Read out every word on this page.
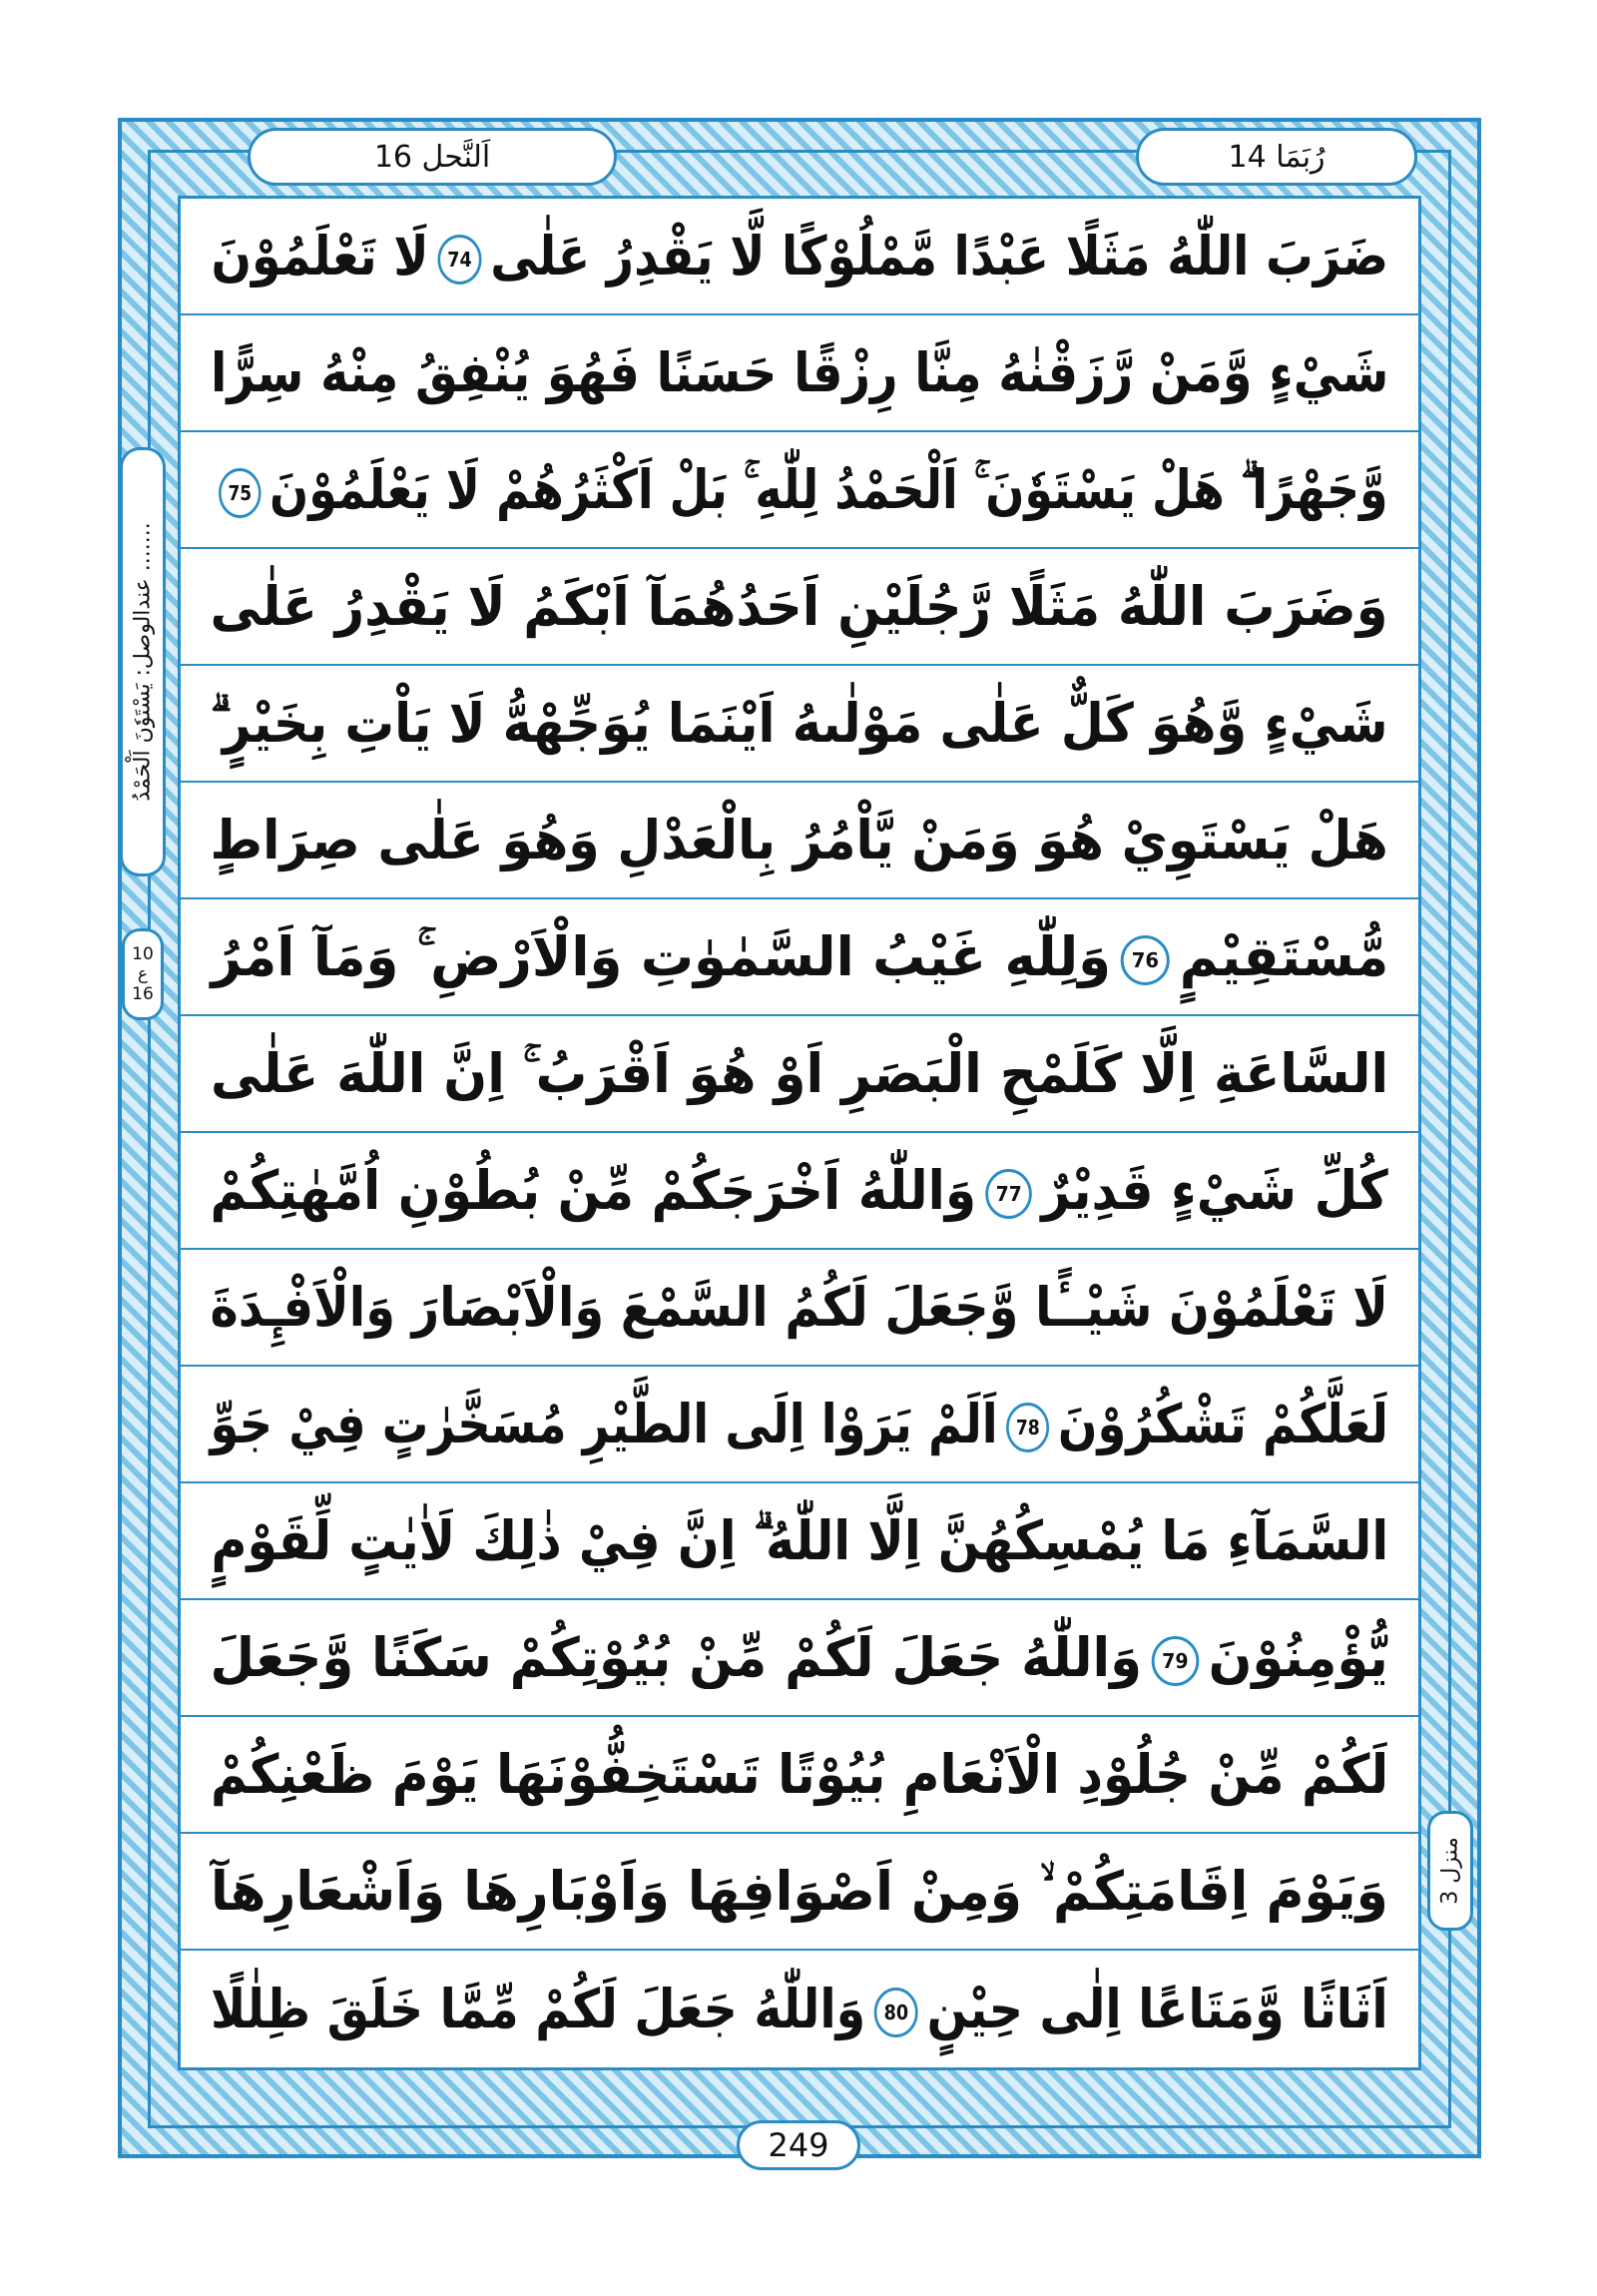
اَلنَّحل 16	رُبَمَا 14
عندالوصل: یَسْتَوٗنَ اَلْحَمْدُ .......
10
ع
16
منزل 3
ضَرَبَ اللّٰهُ مَثَلًا عَبْدًا مَّمْلُوْكًا لَّا يَقْدِرُ عَلٰى74لَا تَعْلَمُوْنَ
شَيْءٍ وَّمَنْ رَّزَقْنٰهُ مِنَّا رِزْقًا حَسَنًا فَهُوَ يُنْفِقُ مِنْهُ سِرًّا
وَّجَهْرًا ۗ هَلْ يَسْتَوٗنَ ۚ اَلْحَمْدُ لِلّٰهِ ۚ بَلْ اَكْثَرُهُمْ لَا يَعْلَمُوْنَ75
وَضَرَبَ اللّٰهُ مَثَلًا رَّجُلَيْنِ اَحَدُهُمَآ اَبْكَمُ لَا يَقْدِرُ عَلٰى
شَيْءٍ وَّهُوَ كَلٌّ عَلٰى مَوْلٰىهُ اَيْنَمَا يُوَجِّهْهُّ لَا يَاْتِ بِخَيْرٍ ۗ
هَلْ يَسْتَوِيْ هُوَ وَمَنْ يَّاْمُرُ بِالْعَدْلِ وَهُوَ عَلٰى صِرَاطٍ
مُّسْتَقِيْمٍ76وَلِلّٰهِ غَيْبُ السَّمٰوٰتِ وَالْاَرْضِ ۚ وَمَآ اَمْرُ
السَّاعَةِ اِلَّا كَلَمْحِ الْبَصَرِ اَوْ هُوَ اَقْرَبُ ۚ اِنَّ اللّٰهَ عَلٰى
كُلِّ شَيْءٍ قَدِيْرٌ77وَاللّٰهُ اَخْرَجَكُمْ مِّنْ بُطُوْنِ اُمَّهٰتِكُمْ
لَا تَعْلَمُوْنَ شَيْــًٔا وَّجَعَلَ لَكُمُ السَّمْعَ وَالْاَبْصَارَ وَالْاَفْـِٕدَةَ
لَعَلَّكُمْ تَشْكُرُوْنَ78اَلَمْ يَرَوْا اِلَى الطَّيْرِ مُسَخَّرٰتٍ فِيْ جَوِّ
السَّمَآءِ مَا يُمْسِكُهُنَّ اِلَّا اللّٰهُ ۗ اِنَّ فِيْ ذٰلِكَ لَاٰيٰتٍ لِّقَوْمٍ
يُّؤْمِنُوْنَ79وَاللّٰهُ جَعَلَ لَكُمْ مِّنْ بُيُوْتِكُمْ سَكَنًا وَّجَعَلَ
لَكُمْ مِّنْ جُلُوْدِ الْاَنْعَامِ بُيُوْتًا تَسْتَخِفُّوْنَهَا يَوْمَ ظَعْنِكُمْ
وَيَوْمَ اِقَامَتِكُمْ ۙ وَمِنْ اَصْوَافِهَا وَاَوْبَارِهَا وَاَشْعَارِهَآ
اَثَاثًا وَّمَتَاعًا اِلٰى حِيْنٍ80وَاللّٰهُ جَعَلَ لَكُمْ مِّمَّا خَلَقَ ظِلٰلًا
249
